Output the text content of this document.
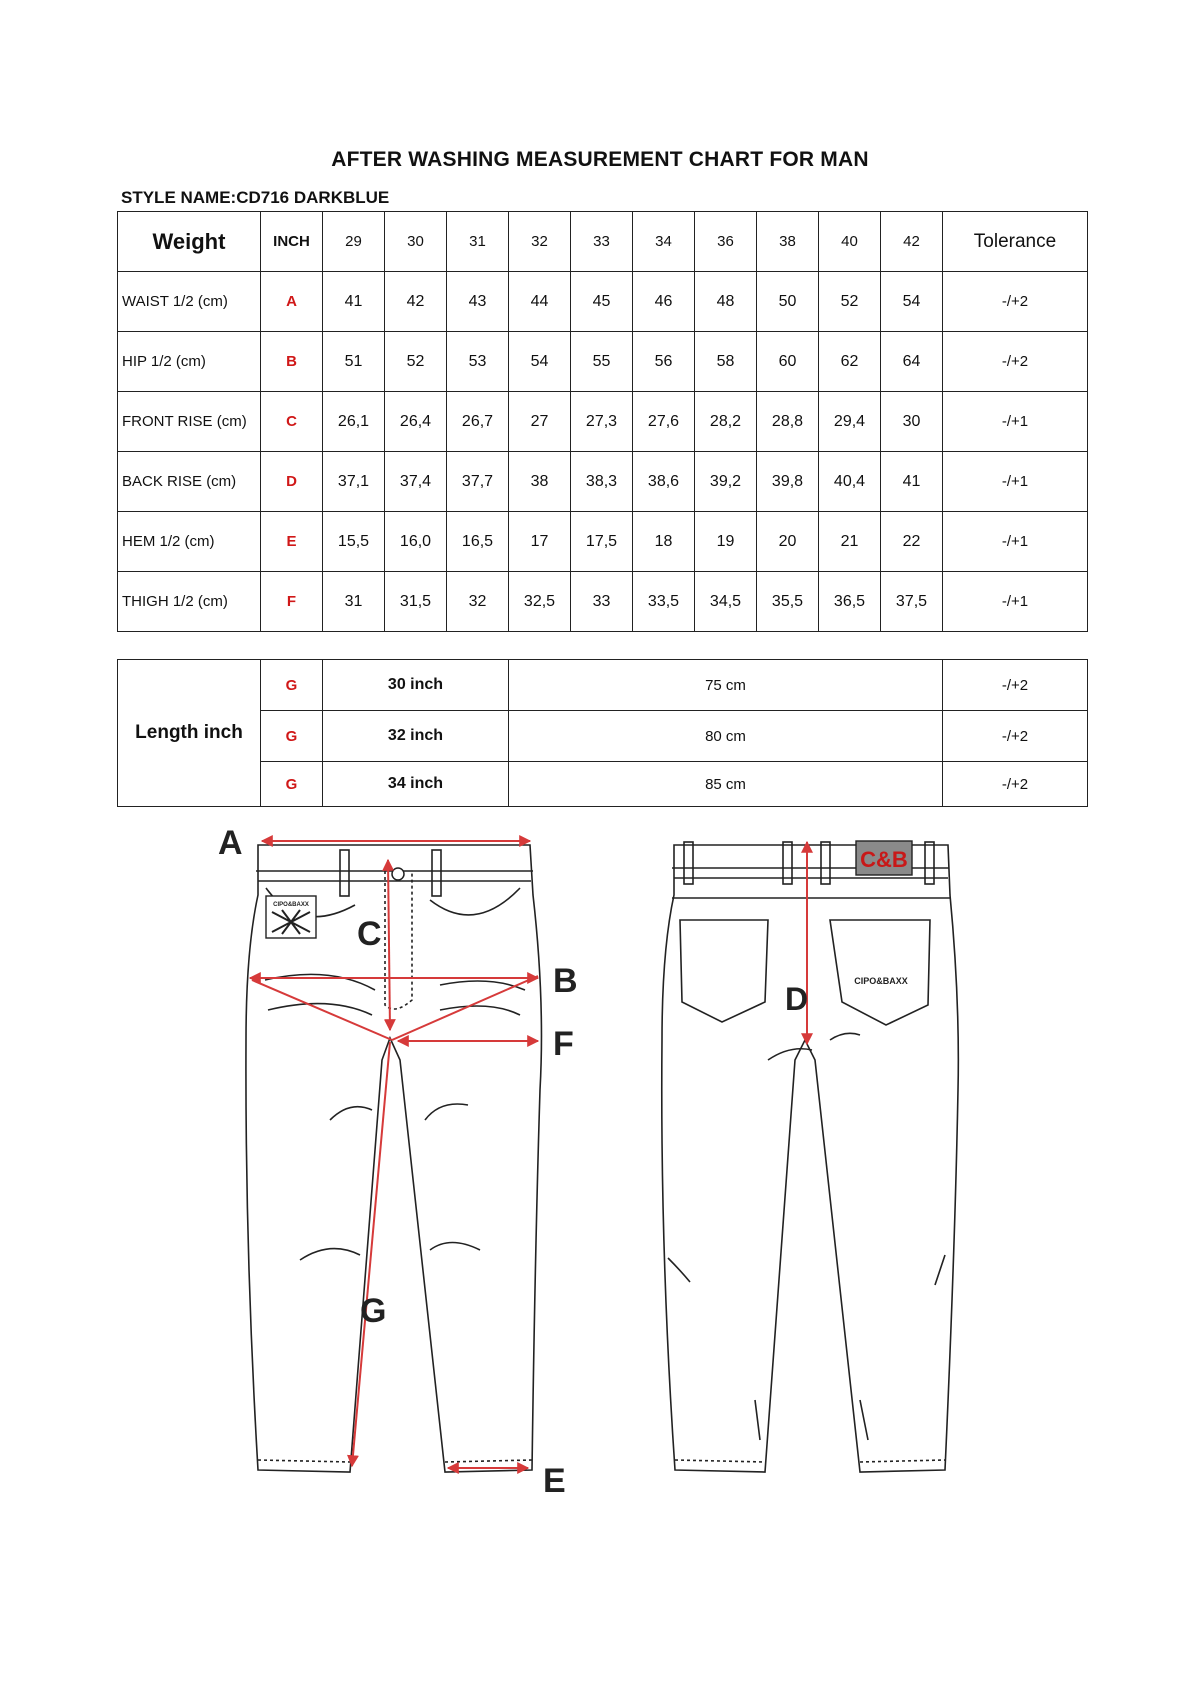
AFTER WASHING MEASUREMENT CHART FOR MAN
STYLE NAME:CD716 DARKBLUE
Weight	INCH	29	30	31	32	33	34	36	38	40	42	Tolerance
WAIST 1/2 (cm)	A	41	42	43	44	45	46	48	50	52	54	-/+2
HIP 1/2 (cm)	B	51	52	53	54	55	56	58	60	62	64	-/+2
FRONT RISE (cm)	C	26,1	26,4	26,7	27	27,3	27,6	28,2	28,8	29,4	30	-/+1
BACK RISE (cm)	D	37,1	37,4	37,7	38	38,3	38,6	39,2	39,8	40,4	41	-/+1
HEM 1/2 (cm)	E	15,5	16,0	16,5	17	17,5	18	19	20	21	22	-/+1
THIGH 1/2 (cm)	F	31	31,5	32	32,5	33	33,5	34,5	35,5	36,5	37,5	-/+1
Length inch	G	30 inch	75 cm	-/+2
	G	32 inch	80 cm	-/+2
	G	34 inch	85 cm	-/+2
CIPO&BAXX
A
C
B
F
G
E
C&B
CIPO&BAXX
D
